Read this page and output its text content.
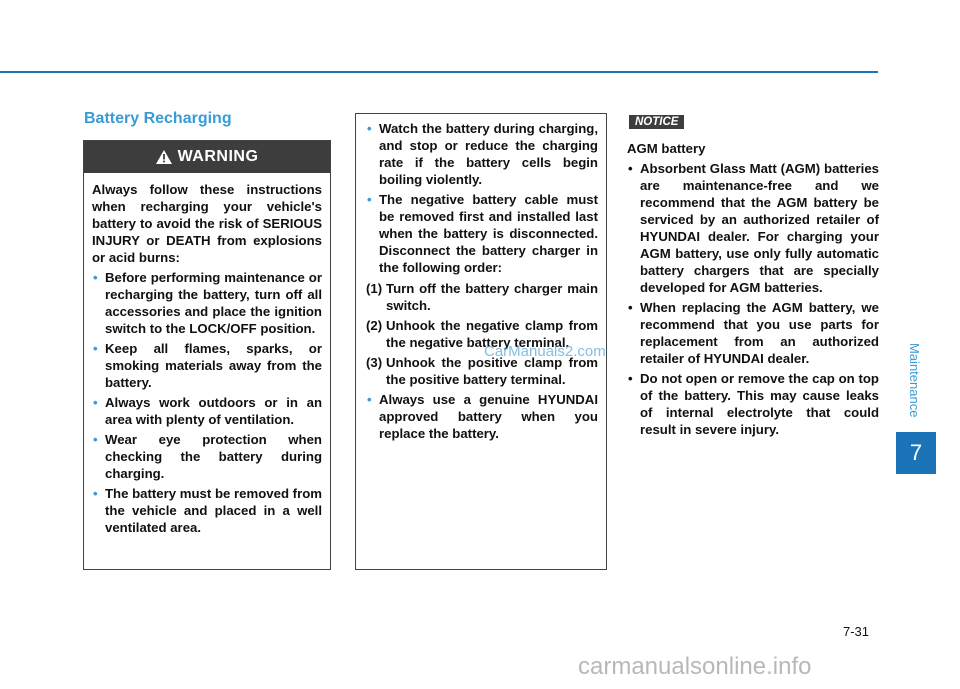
Battery Recharging
WARNING
Always follow these instructions when recharging your vehicle's battery to avoid the risk of SERIOUS INJURY or DEATH from explosions or acid burns:
• Before performing maintenance or recharging the battery, turn off all accessories and place the ignition switch to the LOCK/OFF position.
• Keep all flames, sparks, or smoking materials away from the battery.
• Always work outdoors or in an area with plenty of ventilation.
• Wear eye protection when checking the battery during charging.
• The battery must be removed from the vehicle and placed in a well ventilated area.
• Watch the battery during charging, and stop or reduce the charging rate if the battery cells begin boiling violently.
• The negative battery cable must be removed first and installed last when the battery is disconnected. Disconnect the battery charger in the following order:
(1) Turn off the battery charger main switch.
(2) Unhook the negative clamp from the negative battery terminal.
(3) Unhook the positive clamp from the positive battery terminal.
• Always use a genuine HYUNDAI approved battery when you replace the battery.
NOTICE
AGM battery
• Absorbent Glass Matt (AGM) batteries are maintenance-free and we recommend that the AGM battery be serviced by an authorized retailer of HYUNDAI dealer. For charging your AGM battery, use only fully automatic battery chargers that are specially developed for AGM batteries.
• When replacing the AGM battery, we recommend that you use parts for replacement from an authorized retailer of HYUNDAI dealer.
• Do not open or remove the cap on top of the battery. This may cause leaks of internal electrolyte that could result in severe injury.
Maintenance
7
7-31
CarManuals2.com
carmanualsonline.info
